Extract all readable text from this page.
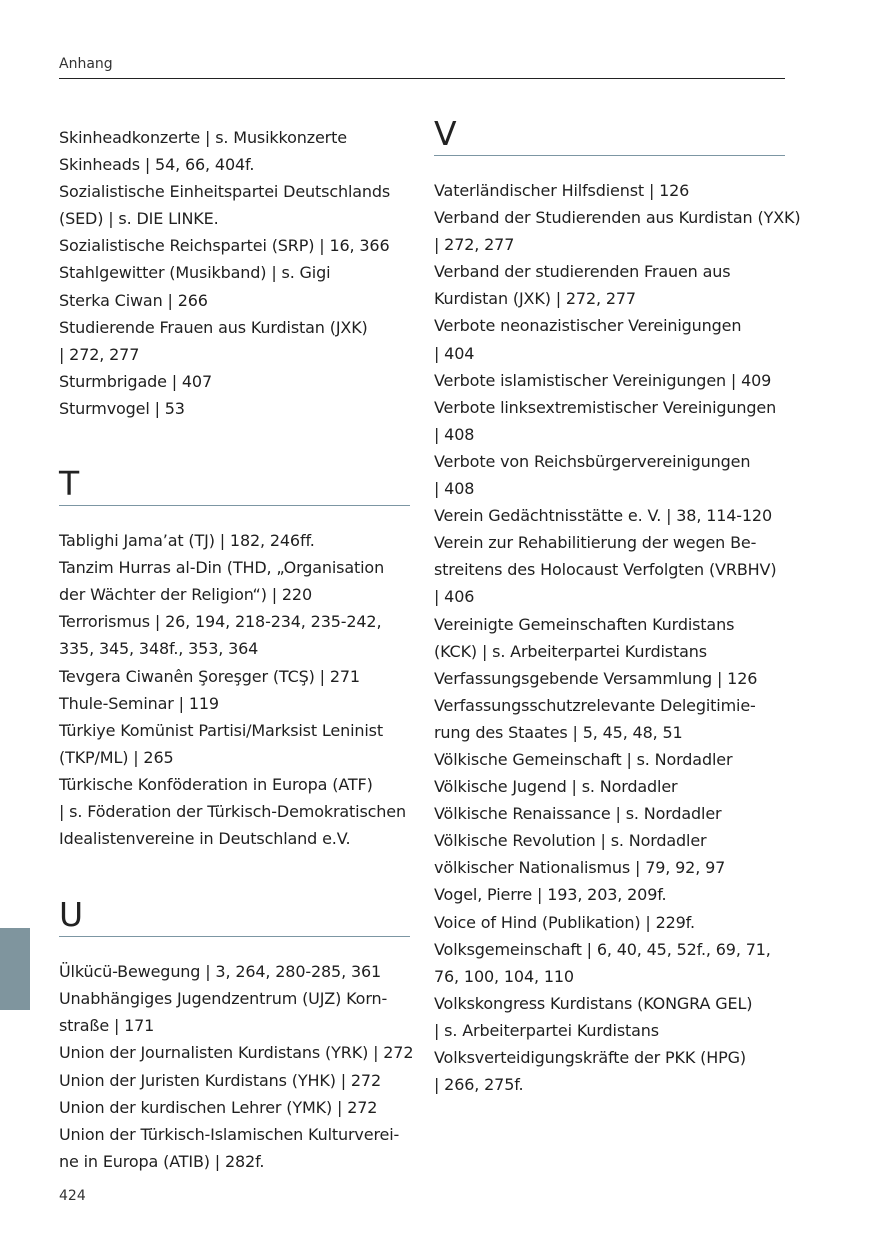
Anhang
Skinheadkonzerte | s. Musikkonzerte
Skinheads | 54, 66, 404f.
Sozialistische Einheitspartei Deutschlands
(SED) | s. DIE LINKE.
Sozialistische Reichspartei (SRP) | 16, 366
Stahlgewitter (Musikband) | s. Gigi
Sterka Ciwan | 266
Studierende Frauen aus Kurdistan (JXK)
| 272, 277
Sturmbrigade | 407
Sturmvogel | 53
T
Tablighi Jama’at (TJ) | 182, 246ff.
Tanzim Hurras al-Din (THD, „Organisation
der Wächter der Religion“) | 220
Terrorismus | 26, 194, 218-234, 235-242,
335, 345, 348f., 353, 364
Tevgera Ciwanên Şoreşger (TCŞ) | 271
Thule-Seminar | 119
Türkiye Komünist Partisi/Marksist Leninist
(TKP/ML) | 265
Türkische Konföderation in Europa (ATF)
| s. Föderation der Türkisch-Demokratischen
Idealistenvereine in Deutschland e.V.
U
Ülkücü-Bewegung | 3, 264, 280-285, 361
Unabhängiges Jugendzentrum (UJZ) Korn-
straße | 171
Union der Journalisten Kurdistans (YRK) | 272
Union der Juristen Kurdistans (YHK) | 272
Union der kurdischen Lehrer (YMK) | 272
Union der Türkisch-Islamischen Kulturverei-
ne in Europa (ATIB) | 282f.
V
Vaterländischer Hilfsdienst | 126
Verband der Studierenden aus Kurdistan (YXK)
| 272, 277
Verband der studierenden Frauen aus
Kurdistan (JXK) | 272, 277
Verbote neonazistischer Vereinigungen
| 404
Verbote islamistischer Vereinigungen | 409
Verbote linksextremistischer Vereinigungen
| 408
Verbote von Reichsbürgervereinigungen
| 408
Verein Gedächtnisstätte e. V. | 38, 114-120
Verein zur Rehabilitierung der wegen Be-
streitens des Holocaust Verfolgten (VRBHV)
| 406
Vereinigte Gemeinschaften Kurdistans
(KCK) | s. Arbeiterpartei Kurdistans
Verfassungsgebende Versammlung | 126
Verfassungsschutzrelevante Delegitimie-
rung des Staates | 5, 45, 48, 51
Völkische Gemeinschaft | s. Nordadler
Völkische Jugend | s. Nordadler
Völkische Renaissance | s. Nordadler
Völkische Revolution | s. Nordadler
völkischer Nationalismus | 79, 92, 97
Vogel, Pierre | 193, 203, 209f.
Voice of Hind (Publikation) | 229f.
Volksgemeinschaft | 6, 40, 45, 52f., 69, 71,
76, 100, 104, 110
Volkskongress Kurdistans (KONGRA GEL)
| s. Arbeiterpartei Kurdistans
Volksverteidigungskräfte der PKK (HPG)
| 266, 275f.
424
